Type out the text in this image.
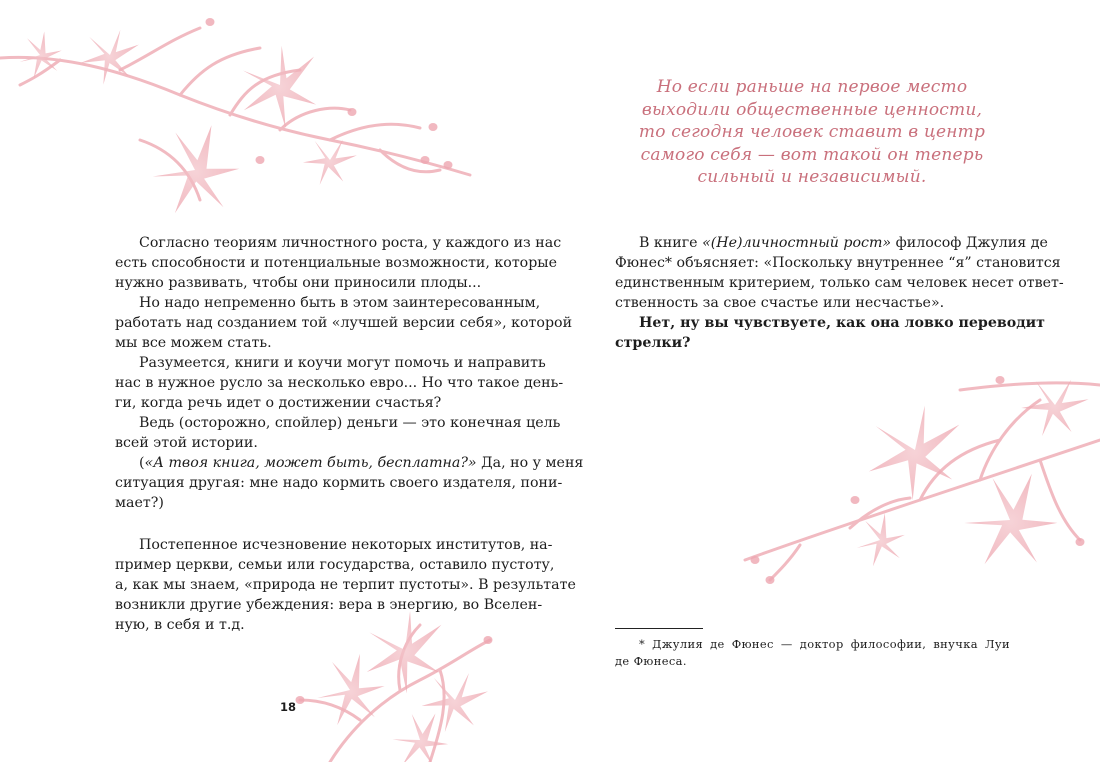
Согласно теориям личностного роста, у каждого из нас
есть способности и потенциальные возможности, которые
нужно развивать, чтобы они приносили плоды...
Но надо непременно быть в этом заинтересованным,
работать над созданием той «лучшей версии себя», которой
мы все можем стать.
Разумеется, книги и коучи могут помочь и направить
нас в нужное русло за несколько евро... Но что такое день-
ги, когда речь идет о достижении счастья?
Ведь (осторожно, спойлер) деньги — это конечная цель
всей этой истории.
(«А твоя книга, может быть, бесплатна?» Да, но у меня
ситуация другая: мне надо кормить своего издателя, пони-
мает?)
Постепенное исчезновение некоторых институтов, на-
пример церкви, семьи или государства, оставило пустоту,
а, как мы знаем, «природа не терпит пустоты». В результате
возникли другие убеждения: вера в энергию, во Вселен-
ную, в себя и т.д.
18
Но если раньше на первое место
выходили общественные ценности,
то сегодня человек ставит в центр
самого себя — вот такой он теперь
сильный и независимый.
В книге «(Не)личностный рост» философ Джулия де
Фюнес* объясняет: «Поскольку внутреннее “я” становится
единственным критерием, только сам человек несет ответ-
ственность за свое счастье или несчастье».
Нет, ну вы чувствуете, как она ловко переводит
стрелки?
* Джулия де Фюнес — доктор философии, внучка Луи
де Фюнеса.
